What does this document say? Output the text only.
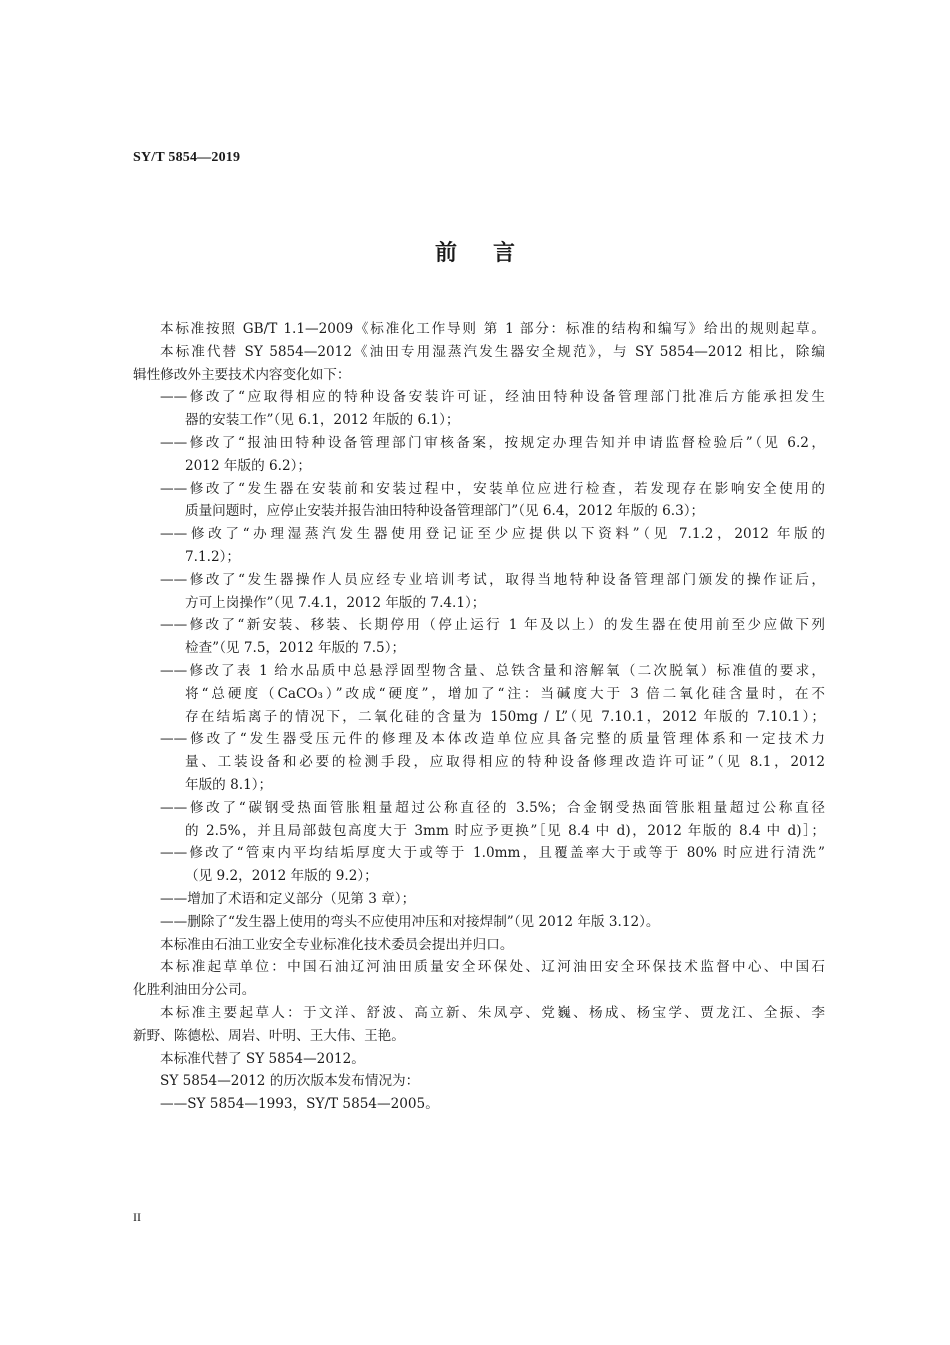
SY/T 5854—2019
前言
本标准按照 GB/T 1.1—2009《标准化工作导则 第 1 部分：标准的结构和编写》给出的规则起草。
本标准代替 SY 5854—2012《油田专用湿蒸汽发生器安全规范》，与 SY 5854—2012 相比，除编
辑性修改外主要技术内容变化如下：
——修改了“应取得相应的特种设备安装许可证，经油田特种设备管理部门批准后方能承担发生
器的安装工作”（见 6.1，2012 年版的 6.1）；
——修改了“报油田特种设备管理部门审核备案，按规定办理告知并申请监督检验后”（见 6.2，
2012 年版的 6.2）；
——修改了“发生器在安装前和安装过程中，安装单位应进行检查，若发现存在影响安全使用的
质量问题时，应停止安装并报告油田特种设备管理部门”（见 6.4，2012 年版的 6.3）；
——修改了“办理湿蒸汽发生器使用登记证至少应提供以下资料”（见 7.1.2，2012 年版的
7.1.2）；
——修改了“发生器操作人员应经专业培训考试，取得当地特种设备管理部门颁发的操作证后，
方可上岗操作”（见 7.4.1，2012 年版的 7.4.1）；
——修改了“新安装、移装、长期停用（停止运行 1 年及以上）的发生器在使用前至少应做下列
检查”（见 7.5，2012 年版的 7.5）；
——修改了表 1 给水品质中总悬浮固型物含量、总铁含量和溶解氧（二次脱氧）标准值的要求，
将“总硬度（CaCO₃）”改成“硬度”，增加了“注：当碱度大于 3 倍二氧化硅含量时，在不
存在结垢离子的情况下，二氧化硅的含量为 150mg / L”（见 7.10.1，2012 年版的 7.10.1）；
——修改了“发生器受压元件的修理及本体改造单位应具备完整的质量管理体系和一定技术力
量、工装设备和必要的检测手段，应取得相应的特种设备修理改造许可证”（见 8.1，2012
年版的 8.1）；
——修改了“碳钢受热面管胀粗量超过公称直径的 3.5%；合金钢受热面管胀粗量超过公称直径
的 2.5%，并且局部鼓包高度大于 3mm 时应予更换”［见 8.4 中 d)，2012 年版的 8.4 中 d)］；
——修改了“管束内平均结垢厚度大于或等于 1.0mm，且覆盖率大于或等于 80% 时应进行清洗”
（见 9.2，2012 年版的 9.2）；
——增加了术语和定义部分（见第 3 章）；
——删除了“发生器上使用的弯头不应使用冲压和对接焊制”（见 2012 年版 3.12）。
本标准由石油工业安全专业标准化技术委员会提出并归口。
本标准起草单位：中国石油辽河油田质量安全环保处、辽河油田安全环保技术监督中心、中国石
化胜利油田分公司。
本标准主要起草人：于文洋、舒波、高立新、朱凤亭、党巍、杨成、杨宝学、贾龙江、全振、李
新野、陈德松、周岩、叶明、王大伟、王艳。
本标准代替了 SY 5854—2012。
SY 5854—2012 的历次版本发布情况为：
——SY 5854—1993，SY/T 5854—2005。
II
